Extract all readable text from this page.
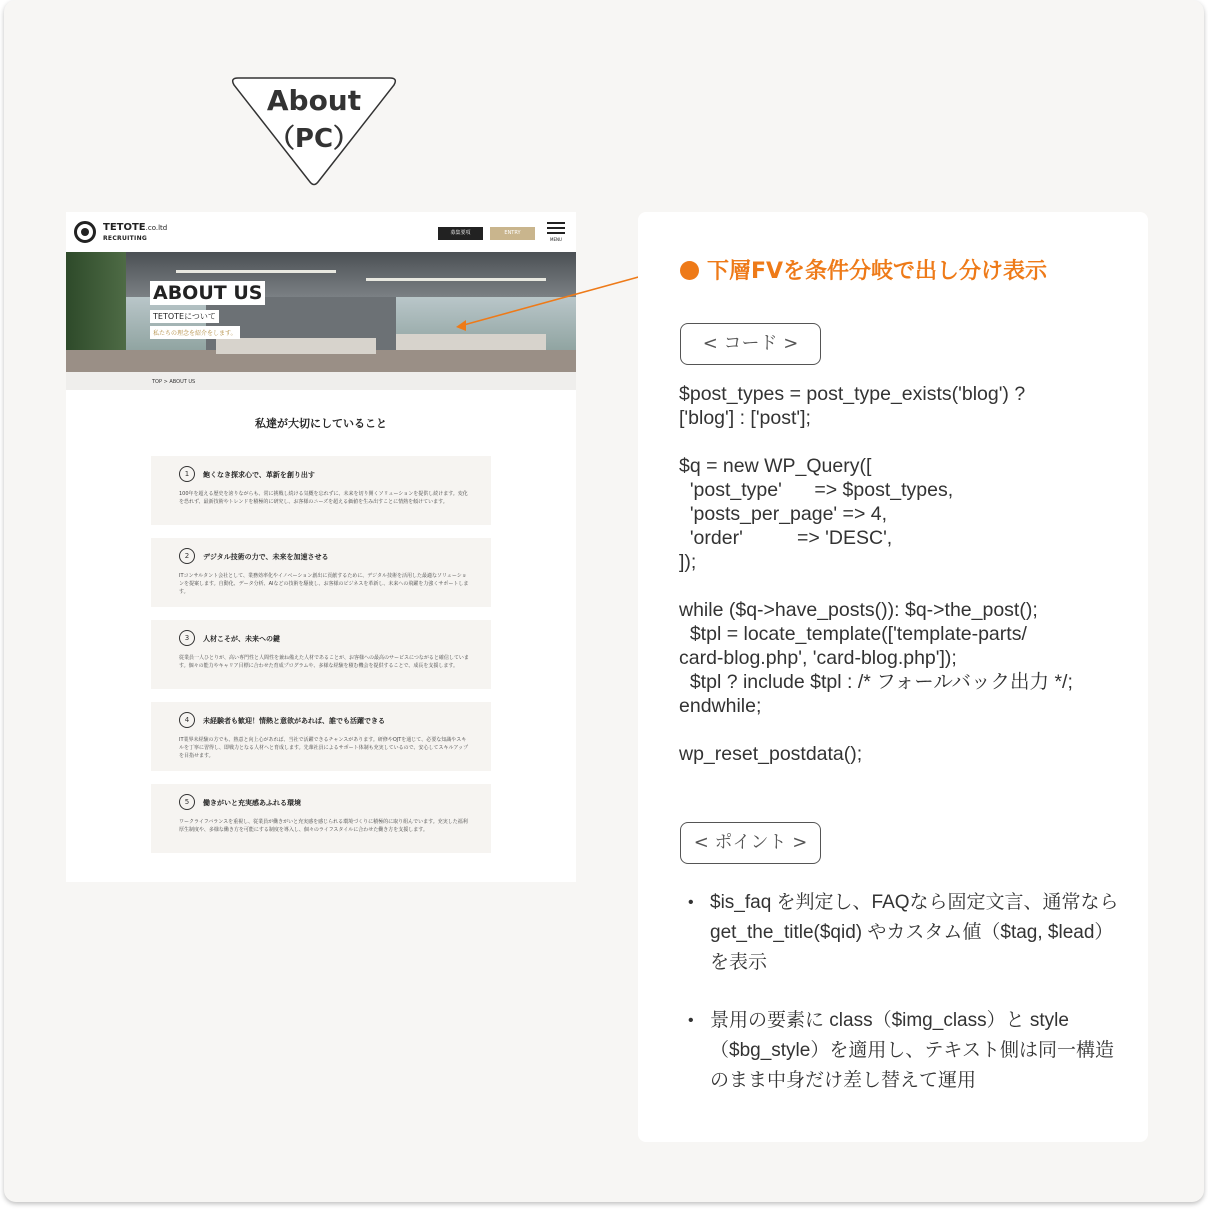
About
（PC）
TETOTE.co.ltd
RECRUITING
募集要項	ENTRY
MENU
ABOUT US
TETOTEについて
私たちの理念を紹介をします。
TOP > ABOUT US
私達が大切にしていること
1	飽くなき探求心で、革新を創り出す
100年を超える歴史を誇りながらも、常に挑戦し続ける気概を忘れずに、未来を切り開くソリューションを提供し続けます。変化を恐れず、最新技術やトレンドを積極的に研究し、お客様のニーズを超える価値を生み出すことに情熱を傾けています。
2	デジタル技術の力で、未来を加速させる
ITコンサルタント会社として、業務効率化やイノベーション創出に貢献するために、デジタル技術を活用した最適なソリューションを提案します。自動化、データ分析、AIなどの技術を駆使し、お客様のビジネスを革新し、未来への飛躍を力強くサポートします。
3	人材こそが、未来への鍵
従業員一人ひとりが、高い専門性と人間性を兼ね備えた人材であることが、お客様への最高のサービスにつながると確信しています。個々の能力やキャリア目標に合わせた育成プログラムや、多様な経験を積む機会を提供することで、成長を支援します。
4	未経験者も歓迎！情熱と意欲があれば、誰でも活躍できる
IT業界未経験の方でも、熱意と向上心があれば、当社で活躍できるチャンスがあります。研修やOJTを通じて、必要な知識やスキルを丁寧に習得し、即戦力となる人材へと育成します。先輩社員によるサポート体制も充実しているので、安心してスキルアップを目指せます。
5	働きがいと充実感あふれる環境
ワークライフバランスを重視し、従業員が働きがいと充実感を感じられる環境づくりに積極的に取り組んでいます。充実した福利厚生制度や、多様な働き方を可能にする制度を導入し、個々のライフスタイルに合わせた働き方を支援します。
下層FVを条件分岐で出し分け表示
< コード >
$post_types = post_type_exists('blog') ?
['blog'] : ['post'];

$q = new WP_Query([
'post_type'      => $post_types,
'posts_per_page' => 4,
'order'          => 'DESC',
]);

while ($q->have_posts()): $q->the_post();
$tpl = locate_template(['template-parts/
card-blog.php', 'card-blog.php']);
$tpl ? include $tpl : /* フォールバック出力 */;
endwhile;

wp_reset_postdata();
< ポイント >
• $is_faq を判定し、FAQなら固定文言、通常なら get_the_title($qid) やカスタム値（$tag, $lead）を表示
• 景用の要素に class（$img_class）と style（$bg_style）を適用し、テキスト側は同一構造のまま中身だけ差し替えて運用
